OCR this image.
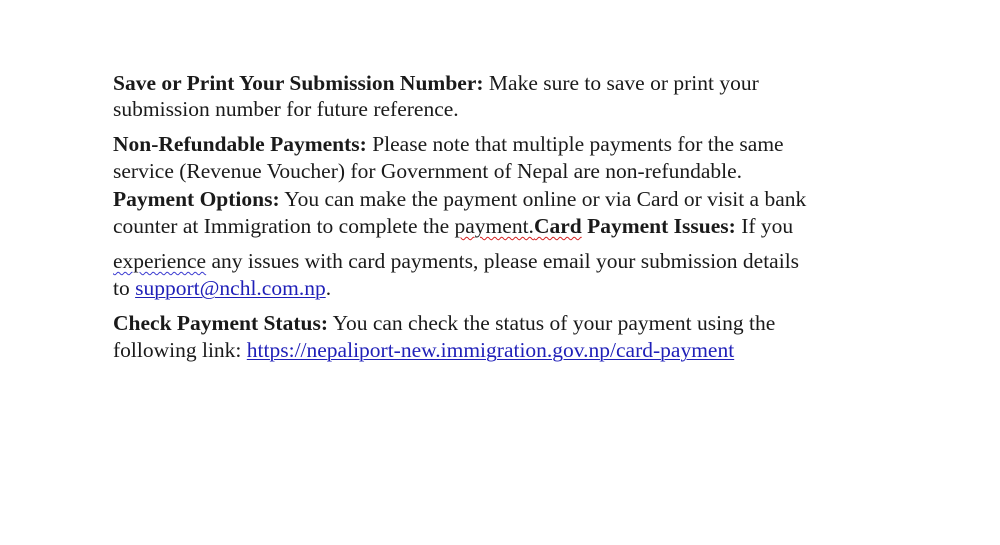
Save or Print Your Submission Number: Make sure to save or print your
submission number for future reference.
Non-Refundable Payments: Please note that multiple payments for the same
service (Revenue Voucher) for Government of Nepal are non-refundable.
Payment Options: You can make the payment online or via Card or visit a bank
counter at Immigration to complete the payment.Card Payment Issues: If you
experience any issues with card payments, please email your submission details
to support@nchl.com.np.
Check Payment Status: You can check the status of your payment using the
following link: https://nepaliport-new.immigration.gov.np/card-payment
